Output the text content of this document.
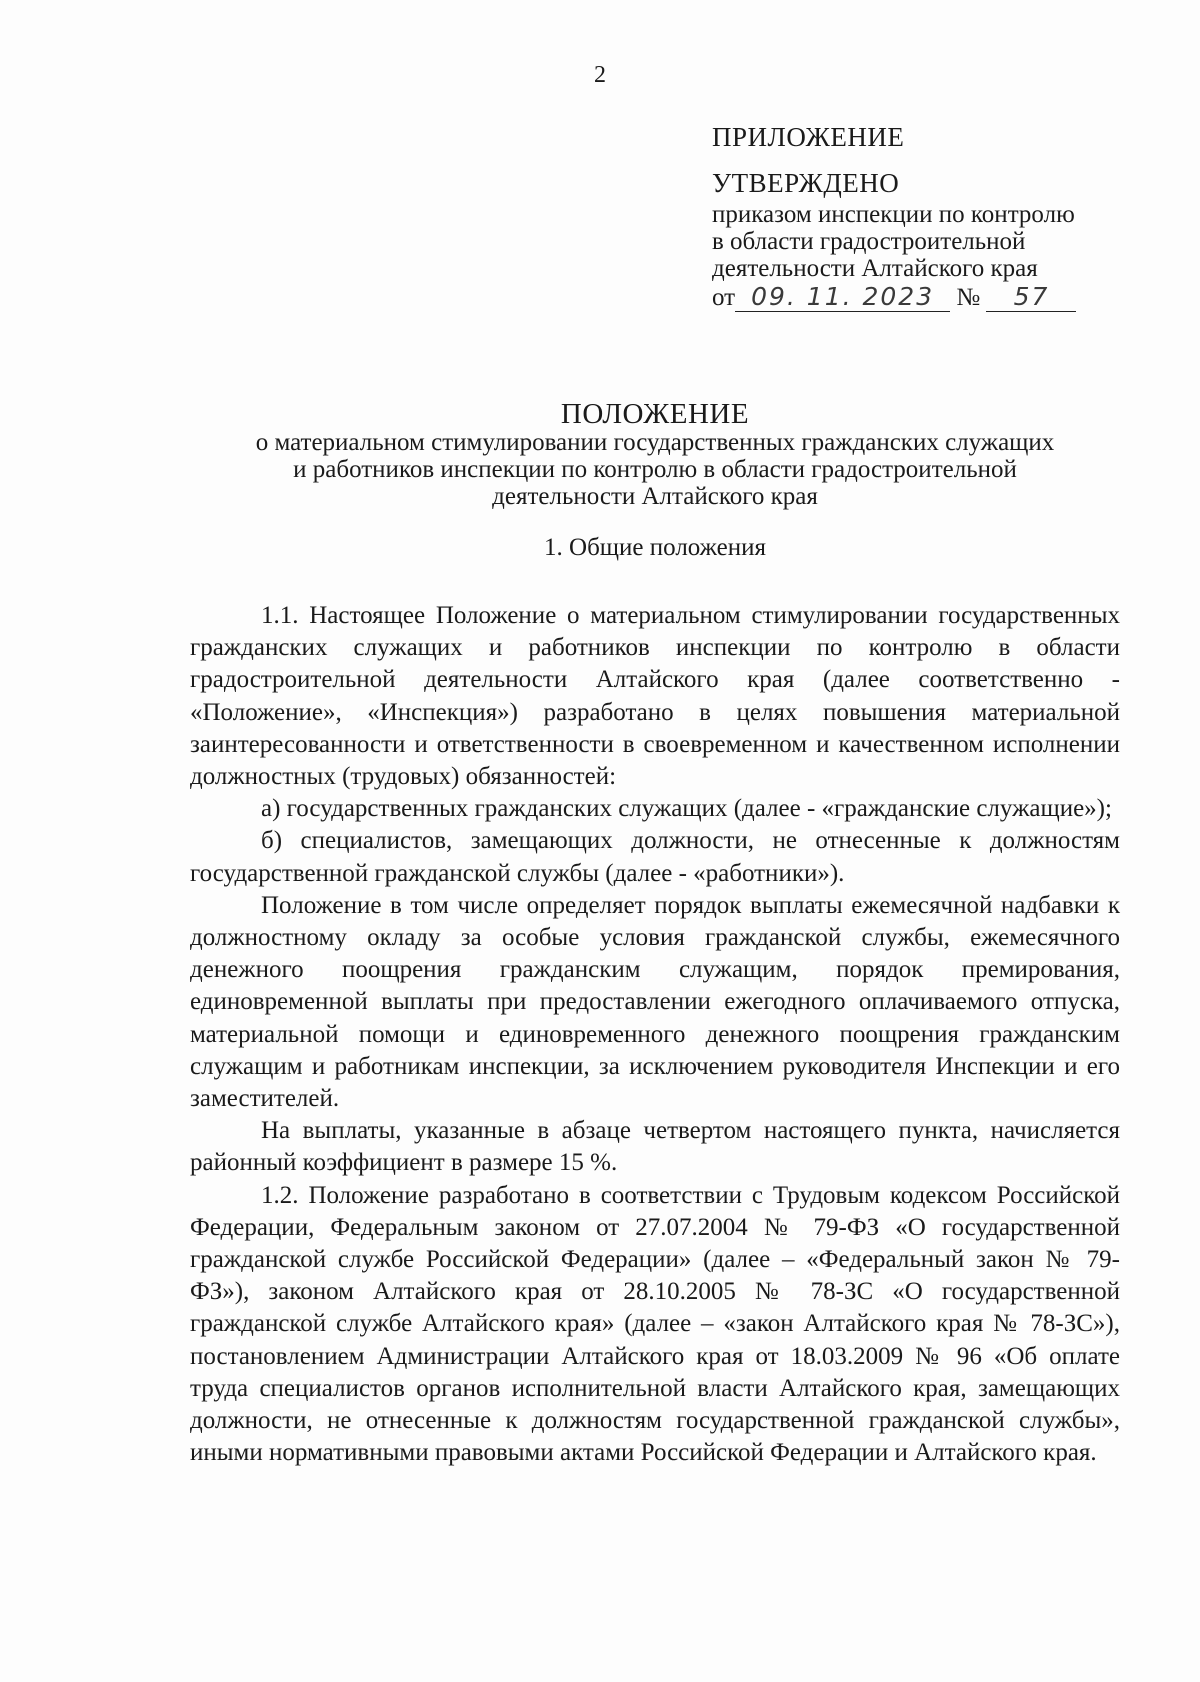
2
ПРИЛОЖЕНИЕ
УТВЕРЖДЕНО
приказом инспекции по контролю
в области градостроительной
деятельности Алтайского края
от 09. 11. 2023 № 57
ПОЛОЖЕНИЕ
о материальном стимулировании государственных гражданских служащих
и работников инспекции по контролю в области градостроительной
деятельности Алтайского края
1. Общие положения

1.1. Настоящее Положение о материальном стимулировании государственных гражданских служащих и работников инспекции по контролю в области градостроительной деятельности Алтайского края (далее соответственно - «Положение», «Инспекция») разработано в целях повышения материальной заинтересованности и ответственности в своевременном и качественном исполнении должностных (трудовых) обязанностей:

а) государственных гражданских служащих (далее - «гражданские служащие»);

б) специалистов, замещающих должности, не отнесенные к должностям государственной гражданской службы (далее - «работники»).

Положение в том числе определяет порядок выплаты ежемесячной надбавки к должностному окладу за особые условия гражданской службы, ежемесячного денежного поощрения гражданским служащим, порядок премирования, единовременной выплаты при предоставлении ежегодного оплачиваемого отпуска, материальной помощи и единовременного денежного поощрения гражданским служащим и работникам инспекции, за исключением руководителя Инспекции и его заместителей.

На выплаты, указанные в абзаце четвертом настоящего пункта, начисляется районный коэффициент в размере 15 %.

1.2. Положение разработано в соответствии с Трудовым кодексом Российской Федерации, Федеральным законом от 27.07.2004 № 79-ФЗ «О государственной гражданской службе Российской Федерации» (далее – «Федеральный закон № 79-ФЗ»), законом Алтайского края от 28.10.2005 № 78-ЗС «О государственной гражданской службе Алтайского края» (далее – «закон Алтайского края № 78-ЗС»), постановлением Администрации Алтайского края от 18.03.2009 № 96 «Об оплате труда специалистов органов исполнительной власти Алтайского края, замещающих должности, не отнесенные к должностям государственной гражданской службы», иными нормативными правовыми актами Российской Федерации и Алтайского края.
